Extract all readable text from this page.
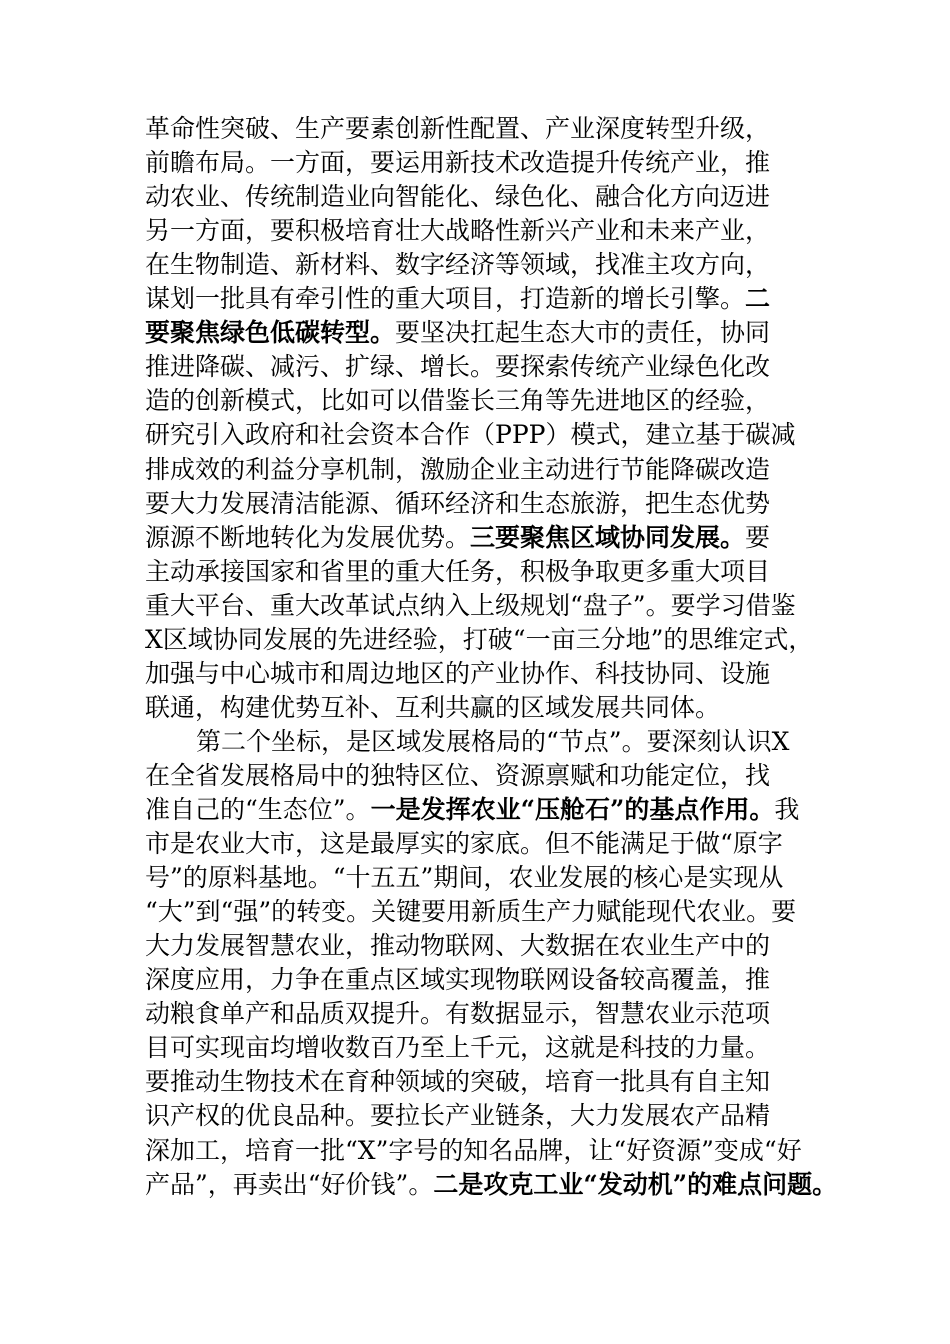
革命性突破、生产要素创新性配置、产业深度转型升级，
前瞻布局。一方面，要运用新技术改造提升传统产业，推
动农业、传统制造业向智能化、绿色化、融合化方向迈进
另一方面，要积极培育壮大战略性新兴产业和未来产业，
在生物制造、新材料、数字经济等领域，找准主攻方向，
谋划一批具有牵引性的重大项目，打造新的增长引擎。二
要聚焦绿色低碳转型。要坚决扛起生态大市的责任，协同
推进降碳、减污、扩绿、增长。要探索传统产业绿色化改
造的创新模式，比如可以借鉴长三角等先进地区的经验，
研究引入政府和社会资本合作（PPP）模式，建立基于碳减
排成效的利益分享机制，激励企业主动进行节能降碳改造
要大力发展清洁能源、循环经济和生态旅游，把生态优势
源源不断地转化为发展优势。三要聚焦区域协同发展。要
主动承接国家和省里的重大任务，积极争取更多重大项目
重大平台、重大改革试点纳入上级规划“盘子”。要学习借鉴
X区域协同发展的先进经验，打破“一亩三分地”的思维定式，
加强与中心城市和周边地区的产业协作、科技协同、设施
联通，构建优势互补、互利共赢的区域发展共同体。
第二个坐标，是区域发展格局的“节点”。要深刻认识X
在全省发展格局中的独特区位、资源禀赋和功能定位，找
准自己的“生态位”。一是发挥农业“压舱石”的基点作用。我
市是农业大市，这是最厚实的家底。但不能满足于做“原字
号”的原料基地。“十五五”期间，农业发展的核心是实现从
“大”到“强”的转变。关键要用新质生产力赋能现代农业。要
大力发展智慧农业，推动物联网、大数据在农业生产中的
深度应用，力争在重点区域实现物联网设备较高覆盖，推
动粮食单产和品质双提升。有数据显示，智慧农业示范项
目可实现亩均增收数百乃至上千元，这就是科技的力量。
要推动生物技术在育种领域的突破，培育一批具有自主知
识产权的优良品种。要拉长产业链条，大力发展农产品精
深加工，培育一批“X”字号的知名品牌，让“好资源”变成“好
产品”，再卖出“好价钱”。二是攻克工业“发动机”的难点问题。
